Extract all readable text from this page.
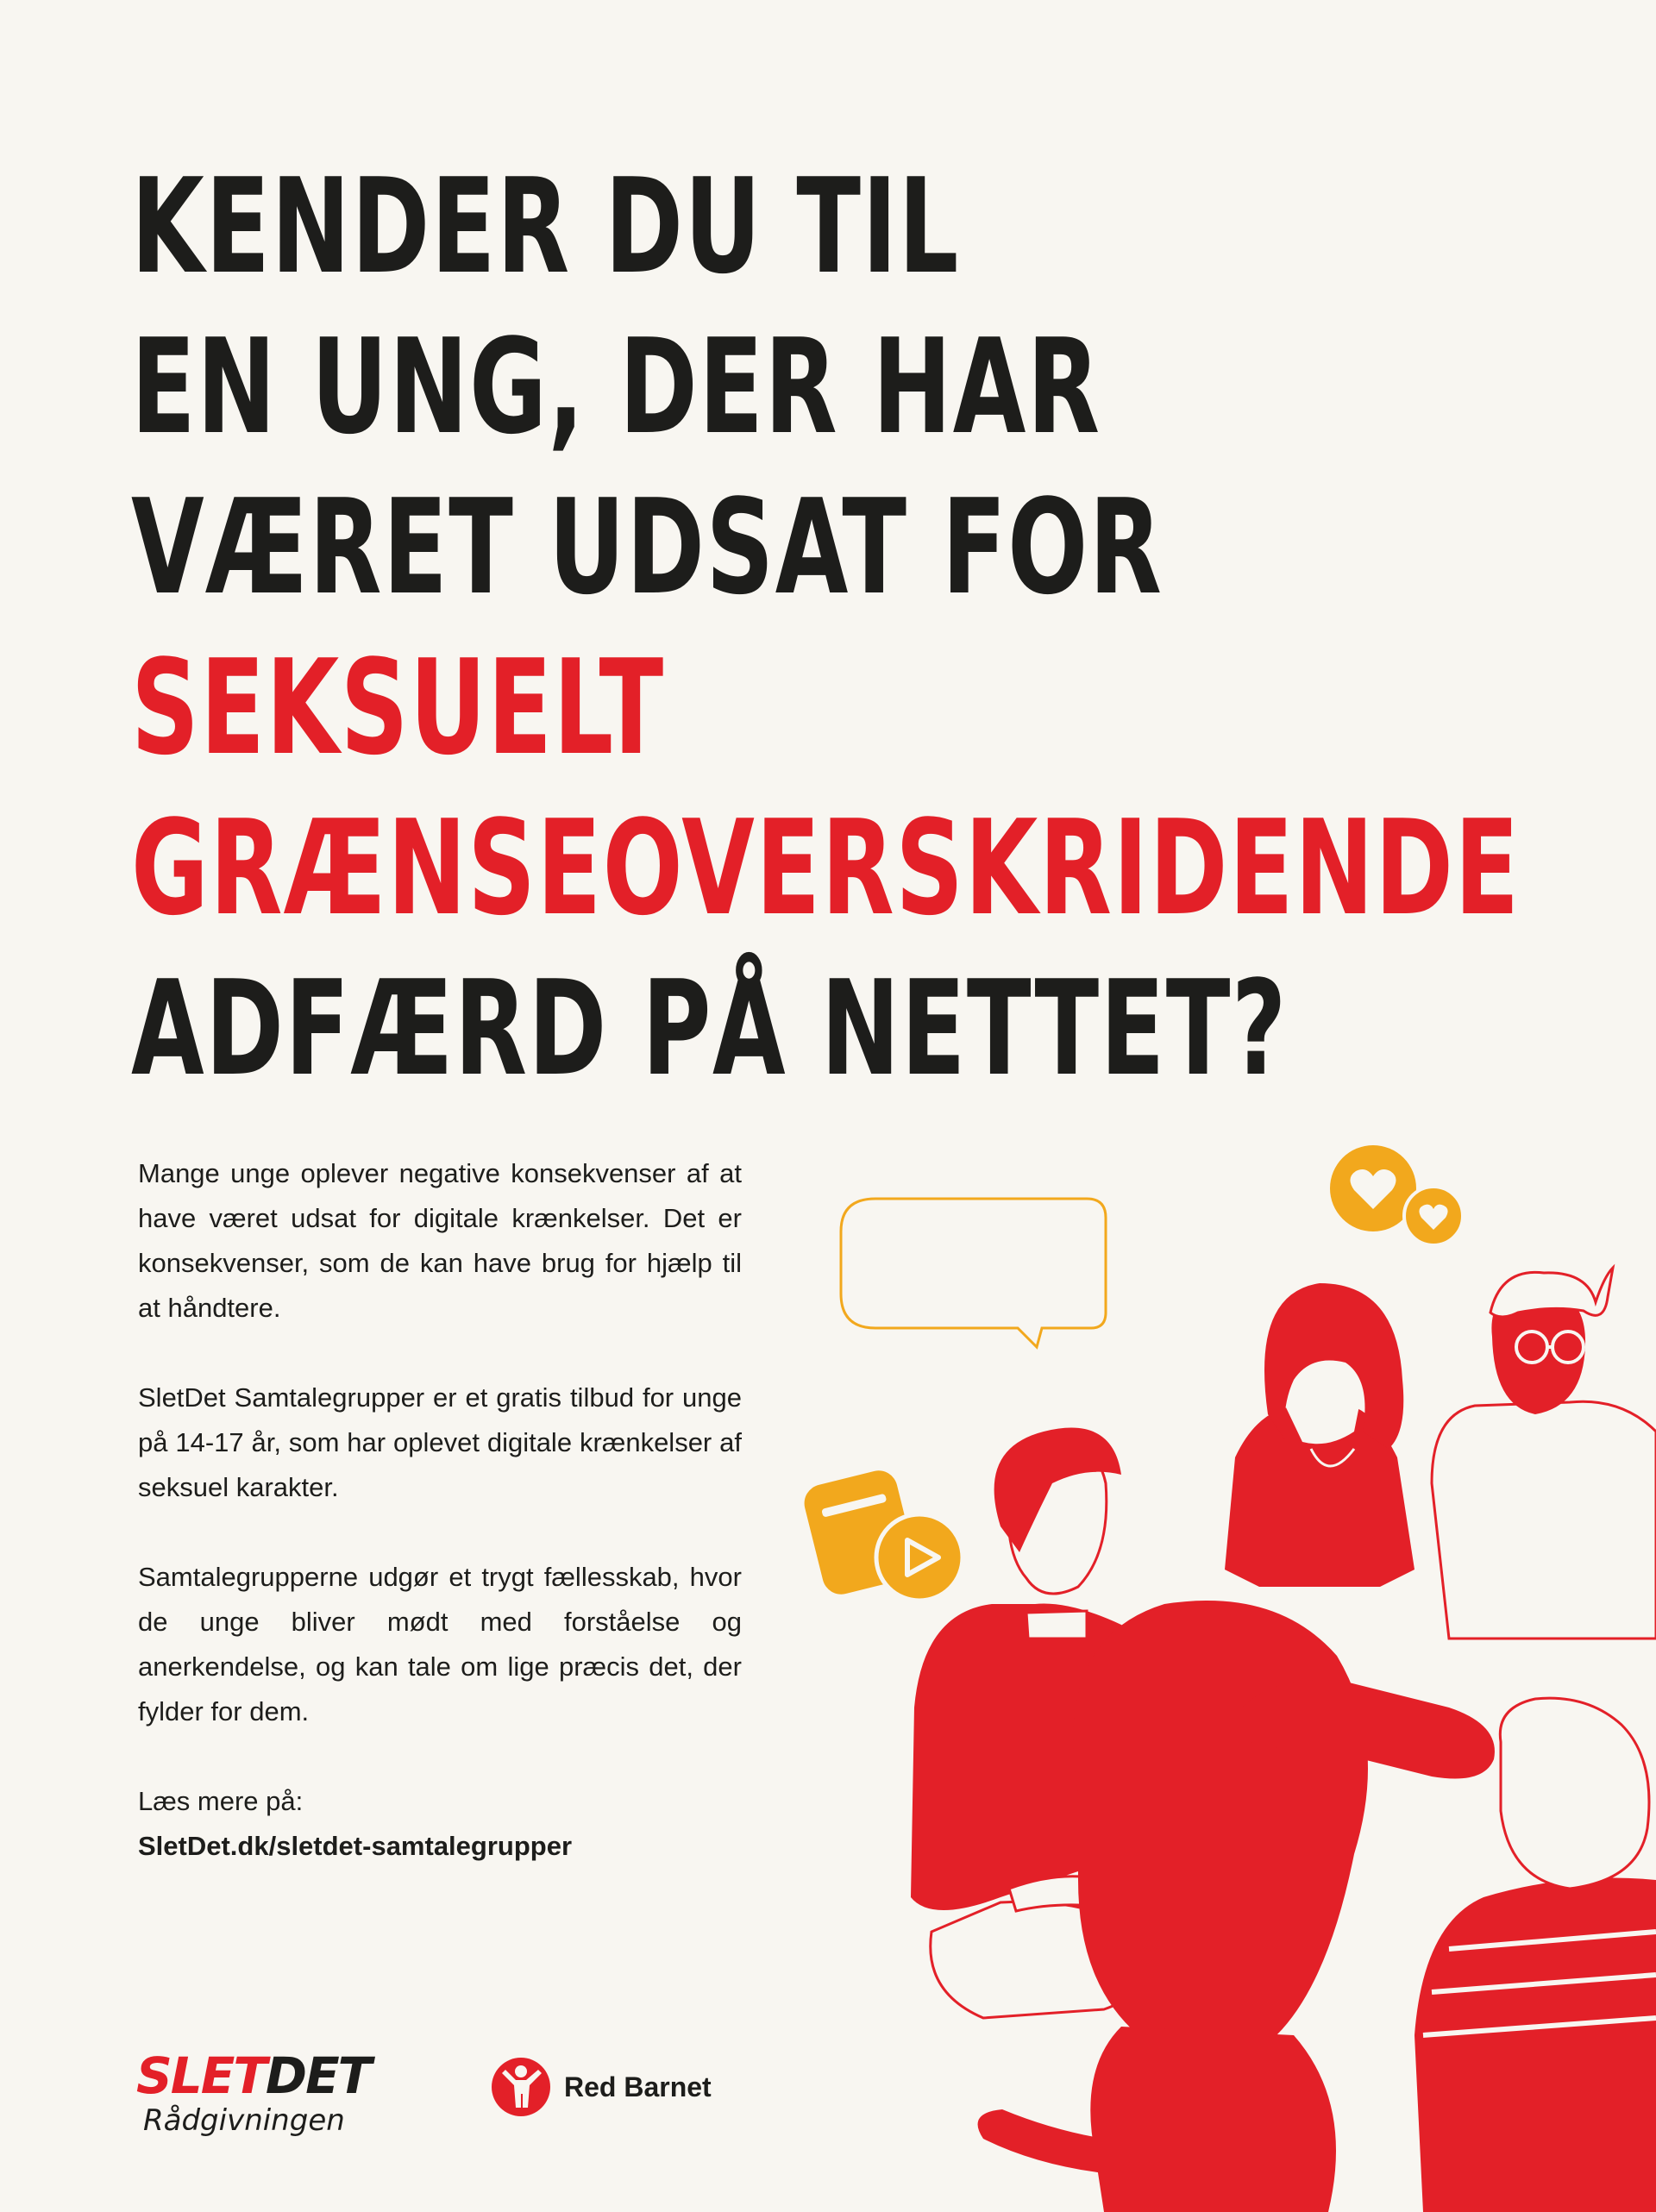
KENDER DU TIL
EN UNG, DER HAR
VÆRET UDSAT FOR
SEKSUELT
GRÆNSEOVERSKRIDENDE
ADFÆRD PÅ NETTET?

Mange unge oplever negative konsekvenser af at have været udsat for digitale krænkelser. Det er konsekvenser, som de kan have brug for hjælp til at håndtere.

SletDet Samtalegrupper er et gratis tilbud for unge på 14-17 år, som har oplevet digitale krænkelser af seksuel karakter.

Samtalegrupperne udgør et trygt fællesskab, hvor de unge bliver mødt med forståelse og anerkendelse, og kan tale om lige præcis det, der fylder for dem.

Læs mere på:

SletDet.dk/sletdet-samtalegrupper

SLETDET
Rådgivningen
Red Barnet
